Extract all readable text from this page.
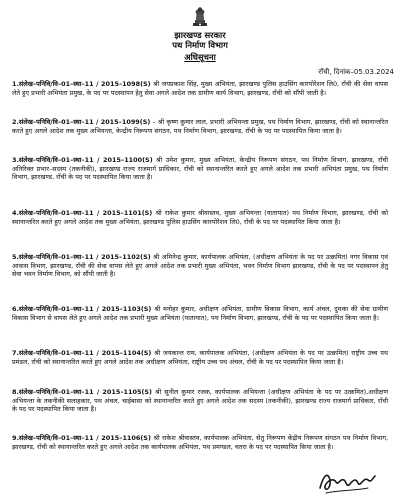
झारखण्ड सरकार
पथ निर्माण विभाग
अधिसूचना
राँची, दिनांक–05.03.2024
1.संलेख–पनिवि/वि–01–स्था–11 / 2015–1098(S) श्री जयप्रकाश सिंह, मुख्य अभियंता, झारखण्ड पुलिस हाउसिंग कारपोरेशन लि0, राँची की सेवा वापस लेते हुए प्रभारी अभियंता प्रमुख, के पद पर पदस्थापन हेतु सेवा अगले आदेश तक ग्रामीण कार्य विभाग, झारखण्ड, राँची को सौंपी जाती है।
2.संलेख–पनिवि/वि–01–स्था–11 / 2015–1099(S) – श्री कृष्ण कुमार लाल, प्रभारी अभियन्ता प्रमुख, पथ निर्माण विभाग, झारखण्ड, राँची को स्थानान्तरित करते हुए अगले आदेश तक मुख्य अभियन्ता, केन्द्रीय निरूपण संगठन, पथ निर्माण विभाग, झारखण्ड, राँची के पद पर पदस्थापित किया जाता है।
3.संलेख–पनिवि/वि–01–स्था–11 / 2015–1100(S) श्री उमेश कुमार, मुख्य अभियंता, केन्द्रीय निरूपण संगठन, पथ निर्माण विभाग, झारखण्ड, राँची अतिरिक्त प्रभार–सदस्य (तकनीकी), झारखण्ड राज्य राजमार्ग प्राधिकार, राँची को स्थानान्तरित करते हुए अगले आदेश तक प्रभारी अभियंता प्रमुख, पथ निर्माण विभाग, झारखण्ड, राँची के पद पर पदस्थापित किया जाता है।
4.संलेख–पनिवि/वि–01–स्था–11 / 2015–1101(S) श्री राकेश कुमार श्रीवास्तव, मुख्य अभियन्ता (यातायात) पथ निर्माण विभाग, झारखण्ड, राँची को स्थानान्तरित करते हुए अगले आदेश तक मुख्य अभियंता, झारखण्ड पुलिस हाउसिंग कारपोरेशन लि0, राँची के पद पर पदस्थापित किया जाता है।
5.संलेख–पनिवि/वि–01–स्था–11 / 2015–1102(S) श्री अमिनेन्द्र कुमार, कार्यपालक अभियंता, (अधीक्षण अभियंता के पद पर उत्क्रमित) नगर विकास एवं आवास विभाग, झारखण्ड, राँची की सेवा वापस लेते हुए अगले आदेश तक प्रभारी मुख्य अभियंता, भवन निर्माण विभाग झारखण्ड, राँची के पद पर पदस्थापन हेतु सेवा भवन निर्माण विभाग, को सौंपी जाती है।
6.संलेख–पनिवि/वि–01–स्था–11 / 2015–1103(S) श्री मनोहर कुमार, अधीक्षण अभियंता, ग्रामीण विकास विभाग, कार्य अंचल, दुमका की सेवा ग्रामीण विकास विभाग से वापस लेते हुए अगले आदेश तक प्रभारी मुख्य अभियंता (यातायात), पथ निर्माण विभाग, झारखण्ड, राँची के पद पर पदस्थापित किया जाता है।
7.संलेख–पनिवि/वि–01–स्था–11 / 2015–1104(S) श्री जयकान्त राम, कार्यपालक अभियंता, (अधीक्षण अभियंता के पद पर उत्क्रमित) राष्ट्रीय उच्च पथ प्रमंडल, राँची को स्थानान्तरित करते हुए अगले आदेश तक अधीक्षण अभियंता, राष्ट्रीय उच्च पथ अंचल, राँची के पद पर पदस्थापित किया जाता है।
8.संलेख–पनिवि/वि–01–स्था–11 / 2015–1105(S) श्री सुनील कुमार रजक, कार्यपालक अभियन्ता (अधीक्षण अभियंता के पद पर उत्क्रमित),अधीक्षण अभियन्ता के तकनीकी सलाहकार, पथ अंचल, चाईबासा को स्थानान्तरित करते हुए अगले आदेश तक सदस्य (तकनीकी), झारखण्ड राज्य राजमार्ग प्राधिकार, राँची के पद पर पदस्थापित किया जाता है।
9.संलेख–पनिवि/वि–01–स्था–11 / 2015–1106(S) श्री राकेश श्रीवास्तव, कार्यपालक अभियंता, सेतु निरूपण केंद्रीय निरूपण संगठन पथ निर्माण विभाग, झारखण्ड, राँची को स्थानान्तरित करते हुए अगले आदेश तक कार्यपालक अभियंता, पथ प्रमण्डल, चतरा के पद पर पदस्थापित किया जाता है।
